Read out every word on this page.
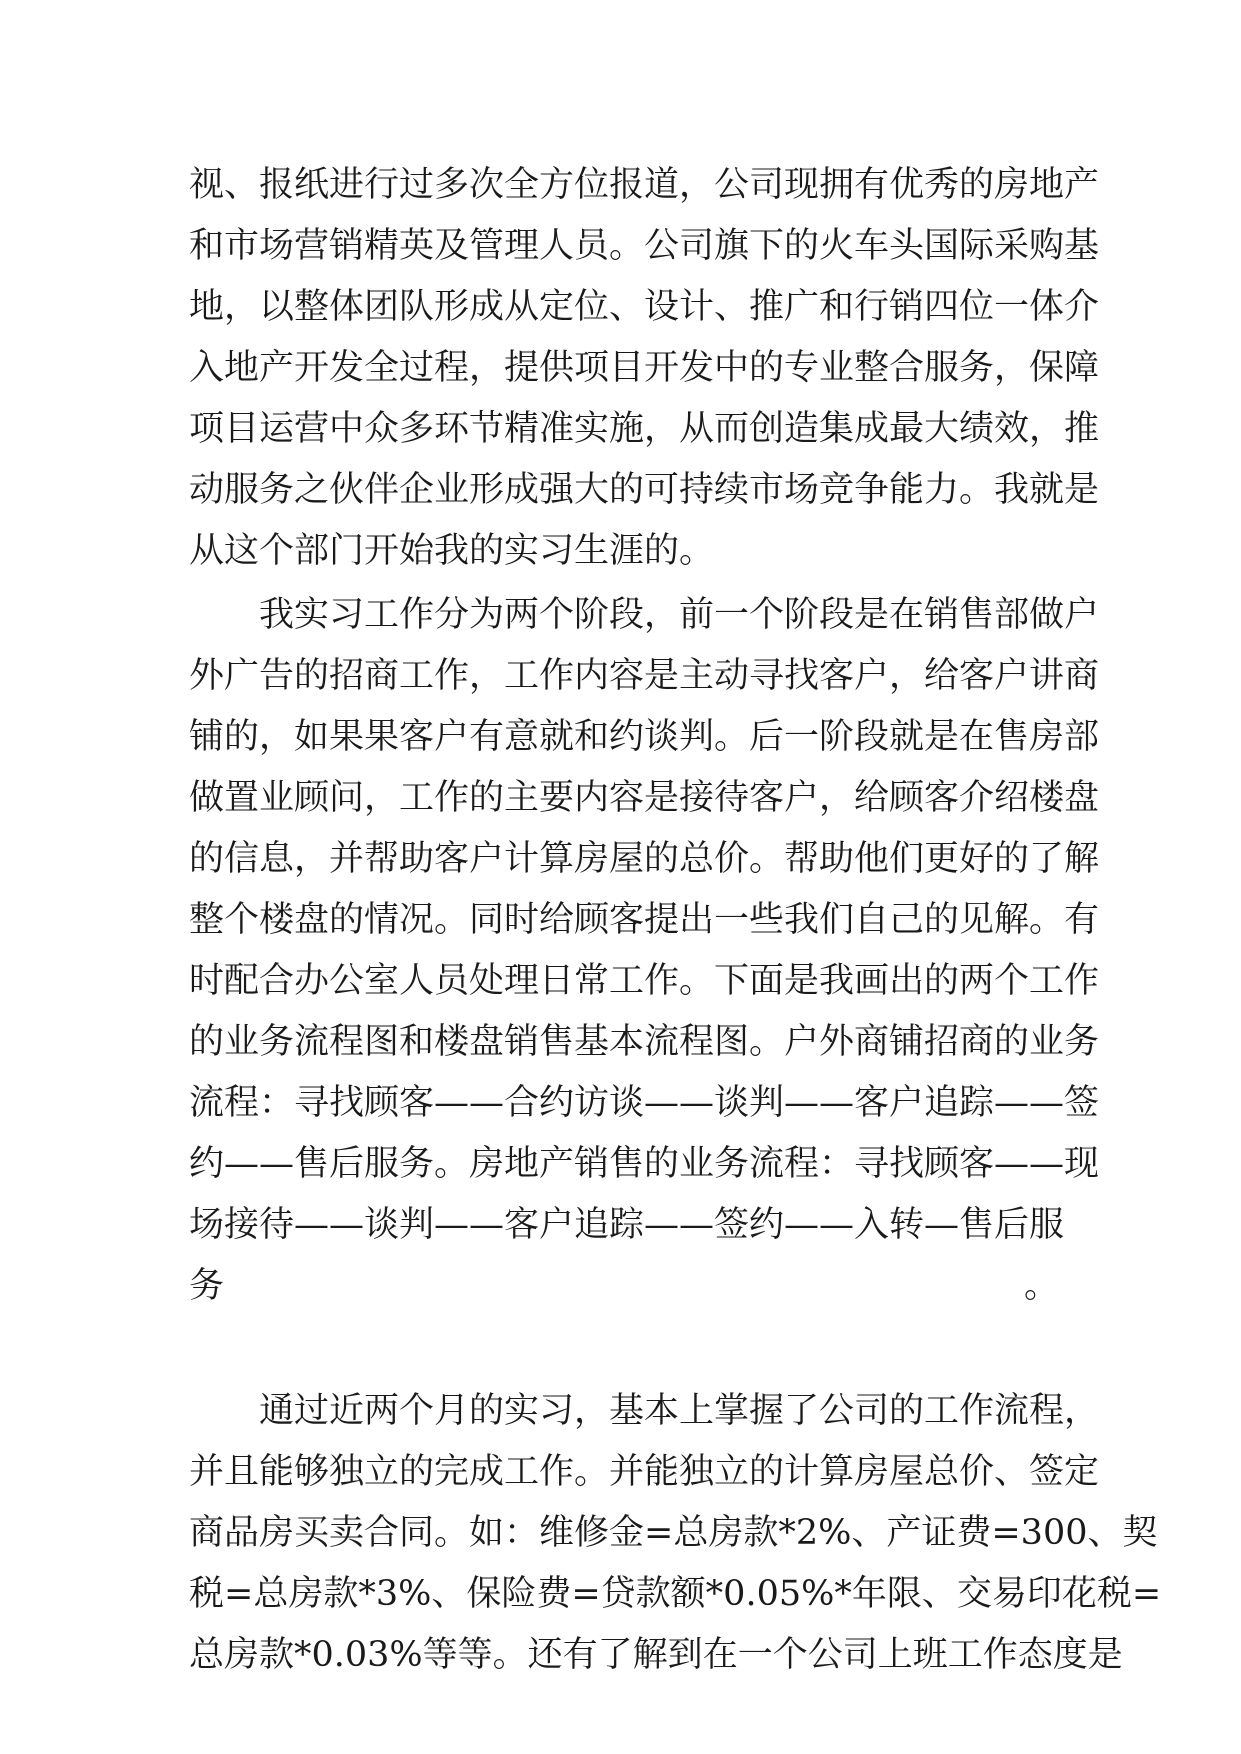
视、报纸进行过多次全方位报道，公司现拥有优秀的房地产
和市场营销精英及管理人员。公司旗下的火车头国际采购基
地，以整体团队形成从定位、设计、推广和行销四位一体介
入地产开发全过程，提供项目开发中的专业整合服务，保障
项目运营中众多环节精准实施，从而创造集成最大绩效，推
动服务之伙伴企业形成强大的可持续市场竞争能力。我就是
从这个部门开始我的实习生涯的。
我实习工作分为两个阶段，前一个阶段是在销售部做户
外广告的招商工作，工作内容是主动寻找客户，给客户讲商
铺的，如果果客户有意就和约谈判。后一阶段就是在售房部
做置业顾问，工作的主要内容是接待客户，给顾客介绍楼盘
的信息，并帮助客户计算房屋的总价。帮助他们更好的了解
整个楼盘的情况。同时给顾客提出一些我们自己的见解。有
时配合办公室人员处理日常工作。下面是我画出的两个工作
的业务流程图和楼盘销售基本流程图。户外商铺招商的业务
流程：寻找顾客——合约访谈——谈判——客户追踪——签
约——售后服务。房地产销售的业务流程：寻找顾客——现
场接待——谈判——客户追踪——签约——入转—售后服
务。
通过近两个月的实习，基本上掌握了公司的工作流程，
并且能够独立的完成工作。并能独立的计算房屋总价、签定
商品房买卖合同。如：维修金=总房款*2%、产证费=300、契
税=总房款*3%、保险费=贷款额*0.05%*年限、交易印花税=
总房款*0.03%等等。还有了解到在一个公司上班工作态度是
